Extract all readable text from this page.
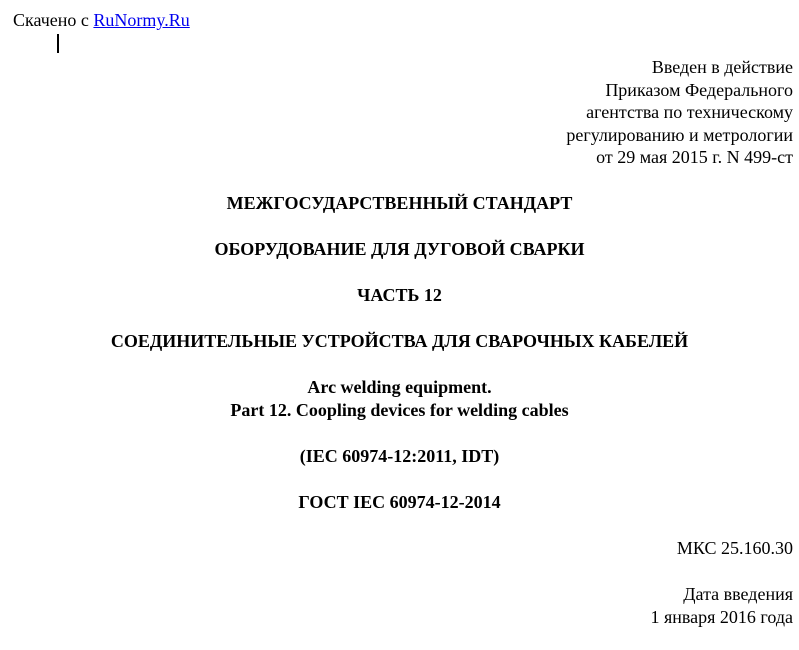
Скачено с RuNormy.Ru
Введен в действие
Приказом Федерального
агентства по техническому
регулированию и метрологии
от 29 мая 2015 г. N 499-ст
МЕЖГОСУДАРСТВЕННЫЙ СТАНДАРТ
ОБОРУДОВАНИЕ ДЛЯ ДУГОВОЙ СВАРКИ
ЧАСТЬ 12
СОЕДИНИТЕЛЬНЫЕ УСТРОЙСТВА ДЛЯ СВАРОЧНЫХ КАБЕЛЕЙ
Arc welding equipment.
Part 12. Coopling devices for welding cables
(IEC 60974-12:2011, IDT)
ГОСТ IEC 60974-12-2014
МКС 25.160.30
Дата введения
1 января 2016 года
